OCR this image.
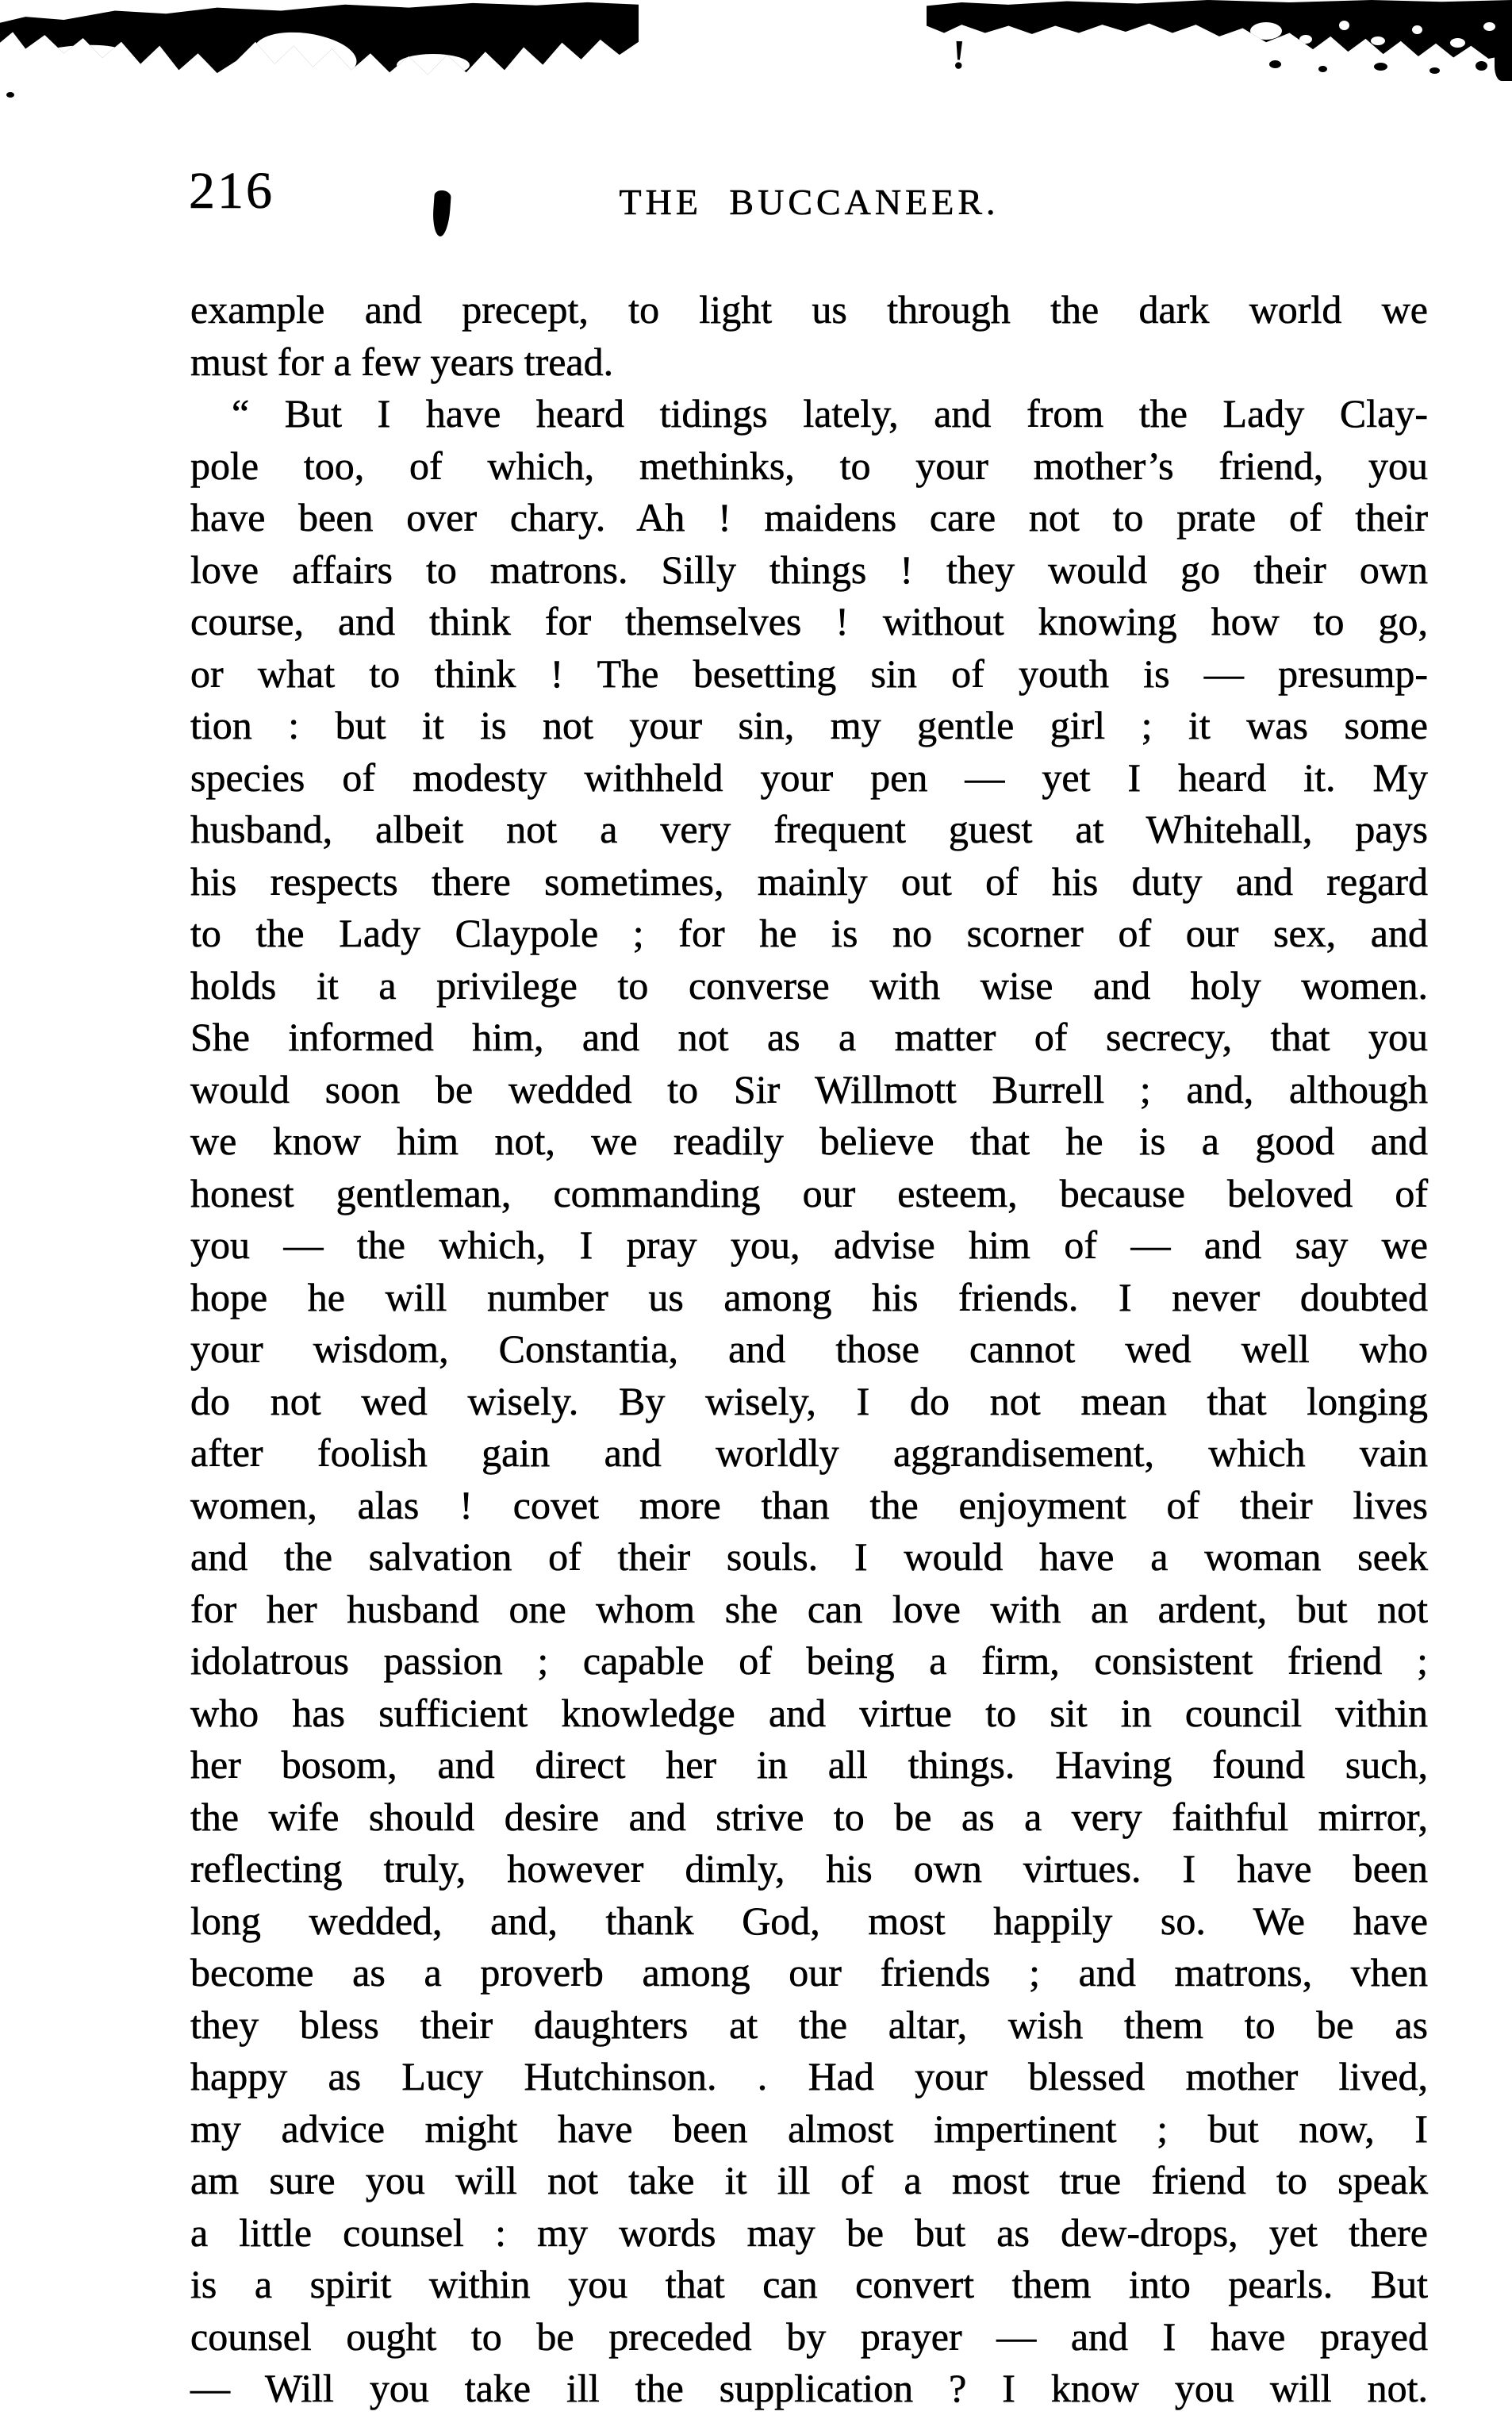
!
216	THE BUCCANEER.
example and precept, to light us through the dark world we
must for a few years tread.
“ But I have heard tidings lately, and from the Lady Clay-
pole too, of which, methinks, to your mother’s friend, you
have been over chary. Ah ! maidens care not to prate of their
love affairs to matrons. Silly things ! they would go their own
course, and think for themselves ! without knowing how to go,
or what to think ! The besetting sin of youth is — presump-
tion : but it is not your sin, my gentle girl ; it was some
species of modesty withheld your pen — yet I heard it. My
husband, albeit not a very frequent guest at Whitehall, pays
his respects there sometimes, mainly out of his duty and regard
to the Lady Claypole ; for he is no scorner of our sex, and
holds it a privilege to converse with wise and holy women.
She informed him, and not as a matter of secrecy, that you
would soon be wedded to Sir Willmott Burrell ; and, although
we know him not, we readily believe that he is a good and
honest gentleman, commanding our esteem, because beloved of
you — the which, I pray you, advise him of — and say we
hope he will number us among his friends. I never doubted
your wisdom, Constantia, and those cannot wed well who
do not wed wisely. By wisely, I do not mean that longing
after foolish gain and worldly aggrandisement, which vain
women, alas ! covet more than the enjoyment of their lives
and the salvation of their souls. I would have a woman seek
for her husband one whom she can love with an ardent, but not
idolatrous passion ; capable of being a firm, consistent friend ;
who has sufficient knowledge and virtue to sit in council vithin
her bosom, and direct her in all things. Having found such,
the wife should desire and strive to be as a very faithful mirror,
reflecting truly, however dimly, his own virtues. I have been
long wedded, and, thank God, most happily so. We have
become as a proverb among our friends ; and matrons, vhen
they bless their daughters at the altar, wish them to be as
happy as Lucy Hutchinson. . Had your blessed mother lived,
my advice might have been almost impertinent ; but now, I
am sure you will not take it ill of a most true friend to speak
a little counsel : my words may be but as dew-drops, yet there
is a spirit within you that can convert them into pearls. But
counsel ought to be preceded by prayer — and I have prayed
— Will you take ill the supplication ? I know you will not.
